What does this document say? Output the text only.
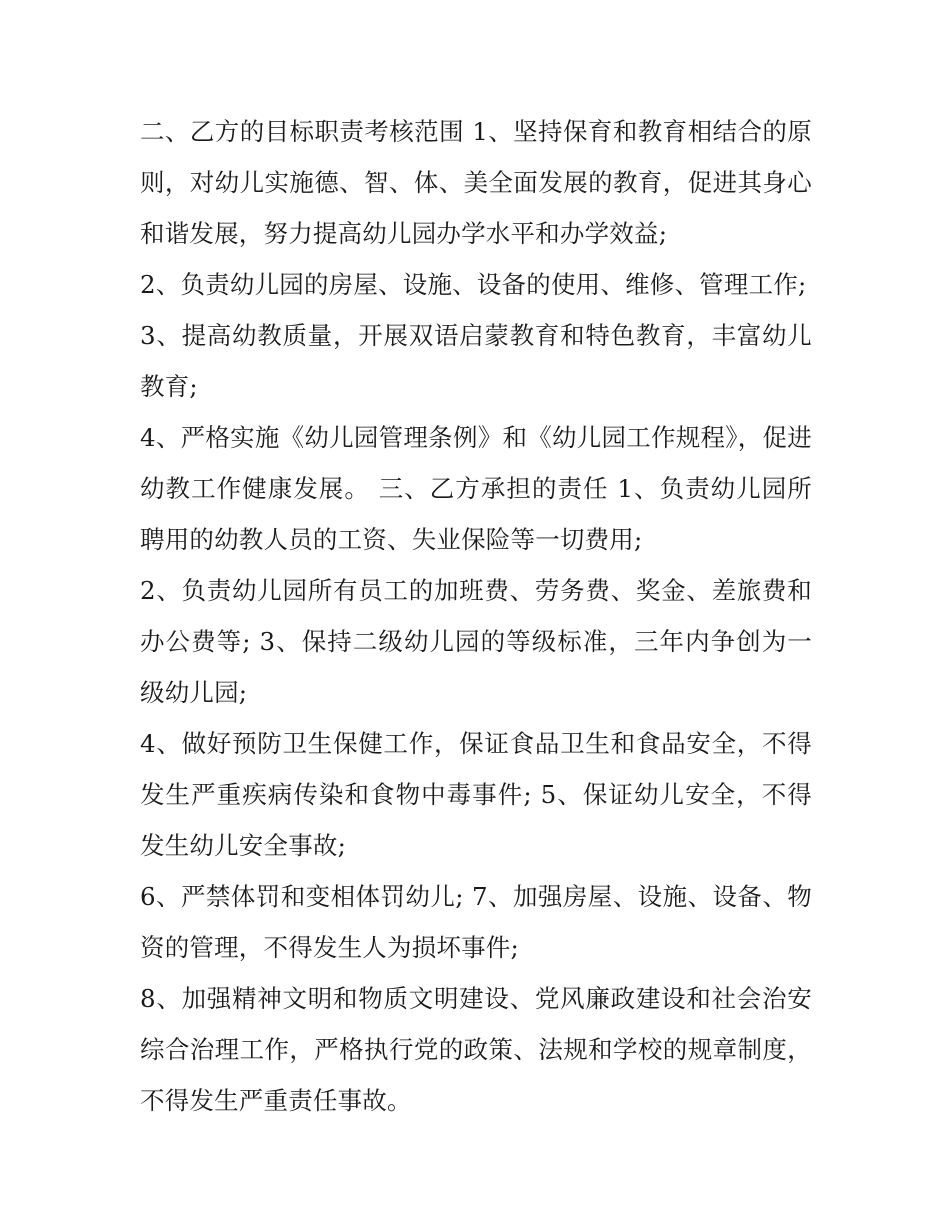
二、乙方的目标职责考核范围 1、坚持保育和教育相结合的原则，对幼儿实施德、智、体、美全面发展的教育，促进其身心和谐发展，努力提高幼儿园办学水平和办学效益;

2、负责幼儿园的房屋、设施、设备的使用、维修、管理工作;

3、提高幼教质量，开展双语启蒙教育和特色教育，丰富幼儿教育;

4、严格实施《幼儿园管理条例》和《幼儿园工作规程》，促进幼教工作健康发展。 三、乙方承担的责任 1、负责幼儿园所聘用的幼教人员的工资、失业保险等一切费用;

2、负责幼儿园所有员工的加班费、劳务费、奖金、差旅费和办公费等; 3、保持二级幼儿园的等级标准，三年内争创为一级幼儿园;

4、做好预防卫生保健工作，保证食品卫生和食品安全，不得发生严重疾病传染和食物中毒事件; 5、保证幼儿安全，不得发生幼儿安全事故;

6、严禁体罚和变相体罚幼儿; 7、加强房屋、设施、设备、物资的管理，不得发生人为损坏事件;

8、加强精神文明和物质文明建设、党风廉政建设和社会治安综合治理工作，严格执行党的政策、法规和学校的规章制度，不得发生严重责任事故。
